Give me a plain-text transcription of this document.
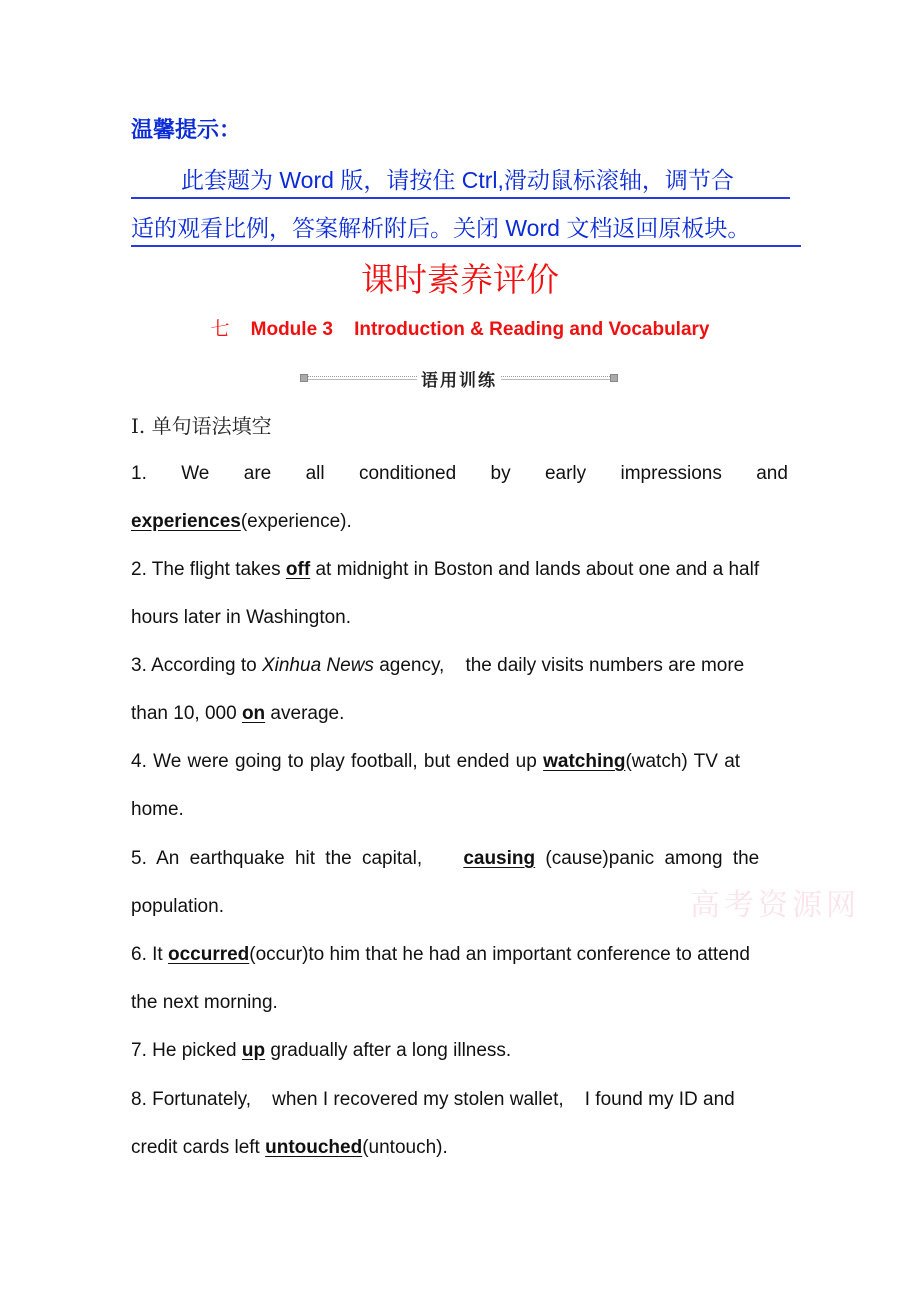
温馨提示：
此套题为 Word 版，请按住 Ctrl,滑动鼠标滚轴，调节合
适的观看比例，答案解析附后。关闭 Word 文档返回原板块。
课时素养评价
七 Module 3    Introduction & Reading and Vocabulary
语用训练
Ⅰ. 单句语法填空
1. We are all conditioned by early impressions and
experiences(experience).
2. The flight takes off at midnight in Boston and lands about one and a half
hours later in Washington.
3. According to Xinhua News agency,    the daily visits numbers are more
than 10, 000 on average.
4. We were going to play football, but ended up watching(watch) TV at
home.
5. An earthquake hit the capital,    causing (cause)panic among the
population.
6. It occurred(occur)to him that he had an important conference to attend
the next morning.
7. He picked up gradually after a long illness.
8. Fortunately,    when I recovered my stolen wallet,    I found my ID and
credit cards left untouched(untouch).
高考资源网
